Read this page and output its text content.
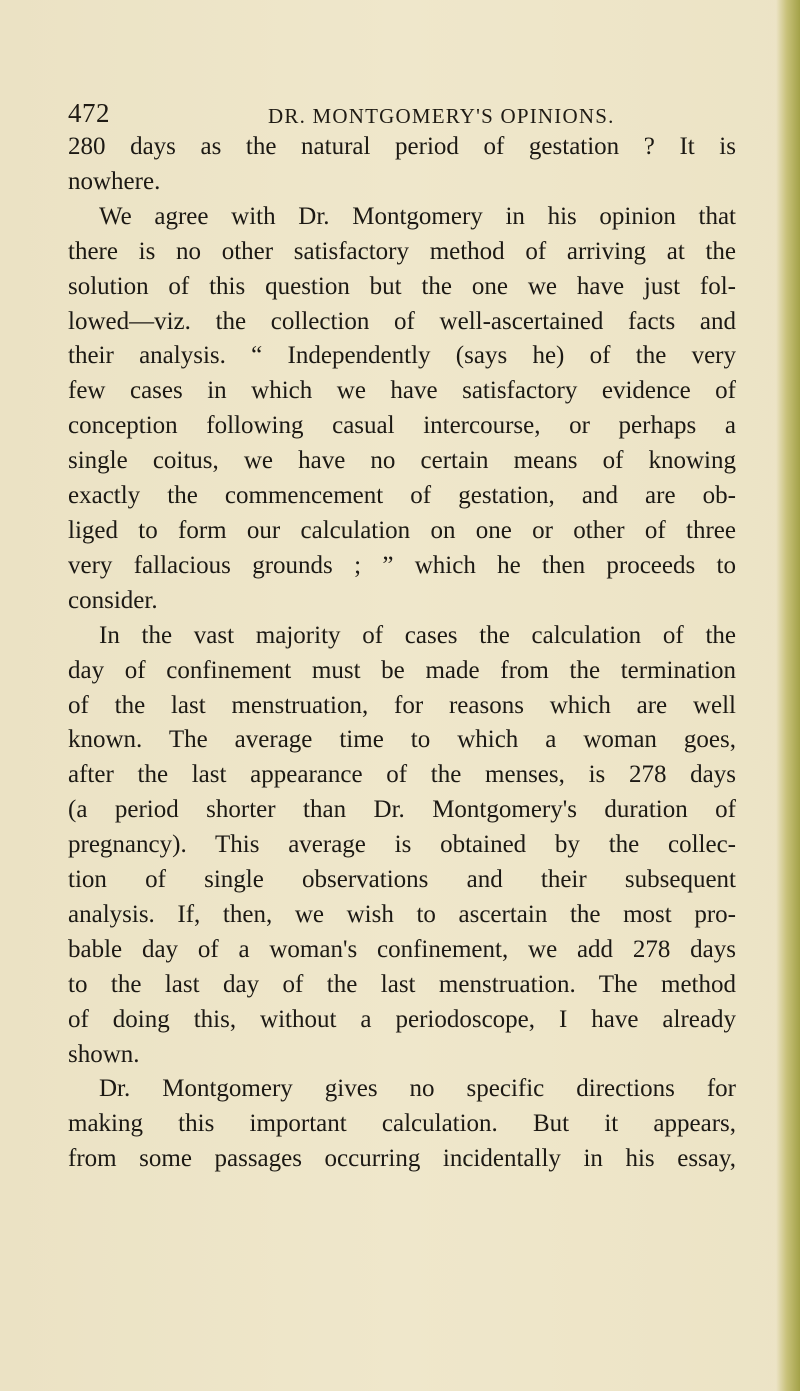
472	DR. MONTGOMERY'S OPINIONS.
280 days as the natural period of gestation ? It is
nowhere.
We agree with Dr. Montgomery in his opinion that
there is no other satisfactory method of arriving at the
solution of this question but the one we have just fol-
lowed—viz. the collection of well-ascertained facts and
their analysis. “ Independently (says he) of the very
few cases in which we have satisfactory evidence of
conception following casual intercourse, or perhaps a
single coitus, we have no certain means of knowing
exactly the commencement of gestation, and are ob-
liged to form our calculation on one or other of three
very fallacious grounds ; ” which he then proceeds to
consider.
In the vast majority of cases the calculation of the
day of confinement must be made from the termination
of the last menstruation, for reasons which are well
known. The average time to which a woman goes,
after the last appearance of the menses, is 278 days
(a period shorter than Dr. Montgomery's duration of
pregnancy). This average is obtained by the collec-
tion of single observations and their subsequent
analysis. If, then, we wish to ascertain the most pro-
bable day of a woman's confinement, we add 278 days
to the last day of the last menstruation. The method
of doing this, without a periodoscope, I have already
shown.
Dr. Montgomery gives no specific directions for
making this important calculation. But it appears,
from some passages occurring incidentally in his essay,
